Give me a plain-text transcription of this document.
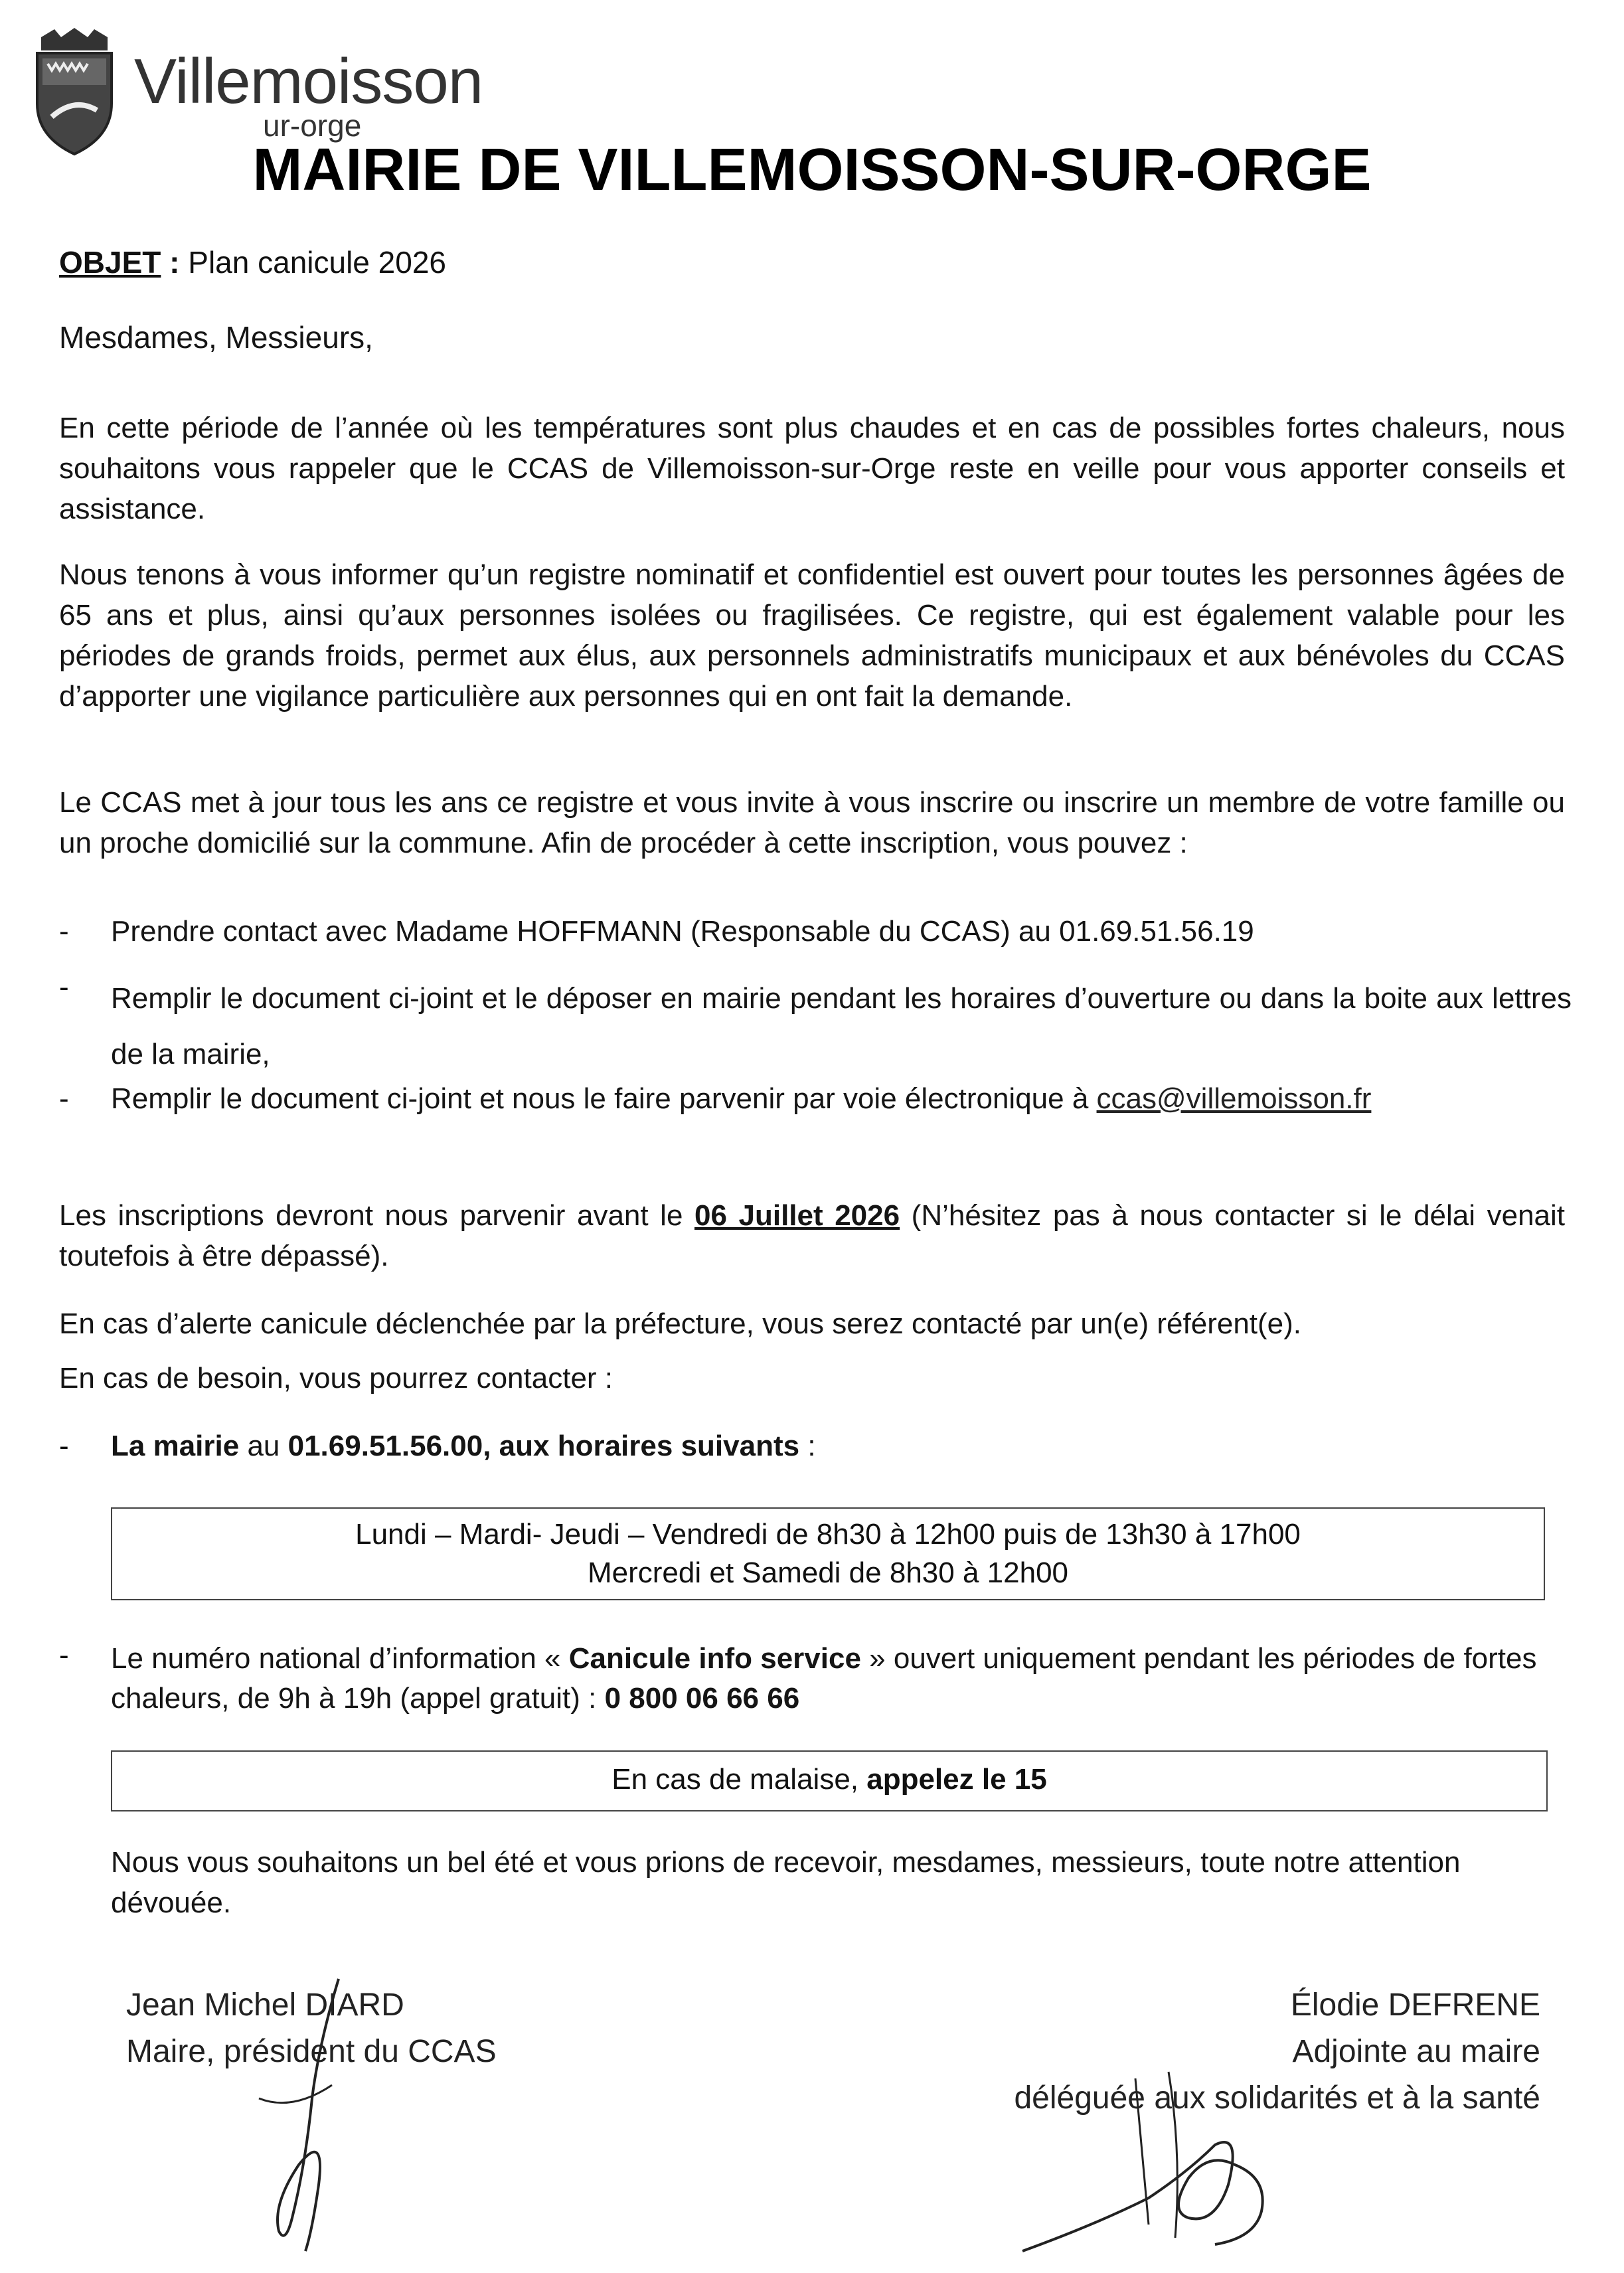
Villemoisson
ur-orge
MAIRIE DE VILLEMOISSON-SUR-ORGE
OBJET : Plan canicule 2026
Mesdames, Messieurs,
En cette période de l’année où les températures sont plus chaudes et en cas de possibles fortes chaleurs, nous souhaitons vous rappeler que le CCAS de Villemoisson-sur-Orge reste en veille pour vous apporter conseils et assistance.
Nous tenons à vous informer qu’un registre nominatif et confidentiel est ouvert pour toutes les personnes âgées de 65 ans et plus, ainsi qu’aux personnes isolées ou fragilisées. Ce registre, qui est également valable pour les périodes de grands froids, permet aux élus, aux personnels administratifs municipaux et aux bénévoles du CCAS d’apporter une vigilance particulière aux personnes qui en ont fait la demande.
Le CCAS met à jour tous les ans ce registre et vous invite à vous inscrire ou inscrire un membre de votre famille ou un proche domicilié sur la commune. Afin de procéder à cette inscription, vous pouvez :
- Prendre contact avec Madame HOFFMANN (Responsable du CCAS) au 01.69.51.56.19
- Remplir le document ci-joint et le déposer en mairie pendant les horaires d’ouverture ou dans la boite aux lettres de la mairie,
- Remplir le document ci-joint et nous le faire parvenir par voie électronique à ccas@villemoisson.fr
Les inscriptions devront nous parvenir avant le 06 Juillet 2026 (N’hésitez pas à nous contacter si le délai venait toutefois à être dépassé).
En cas d’alerte canicule déclenchée par la préfecture, vous serez contacté par un(e) référent(e).
En cas de besoin, vous pourrez contacter :
- La mairie au 01.69.51.56.00, aux horaires suivants :
Lundi – Mardi- Jeudi – Vendredi de 8h30 à 12h00 puis de 13h30 à 17h00
Mercredi et Samedi de 8h30 à 12h00
- Le numéro national d’information « Canicule info service » ouvert uniquement pendant les périodes de fortes chaleurs, de 9h à 19h (appel gratuit) : 0 800 06 66 66
En cas de malaise, appelez le 15
Nous vous souhaitons un bel été et vous prions de recevoir, mesdames, messieurs, toute notre attention dévouée.
Jean Michel DIARD
Maire, président du CCAS
Élodie DEFRENE
Adjointe au maire
déléguée aux solidarités et à la santé
